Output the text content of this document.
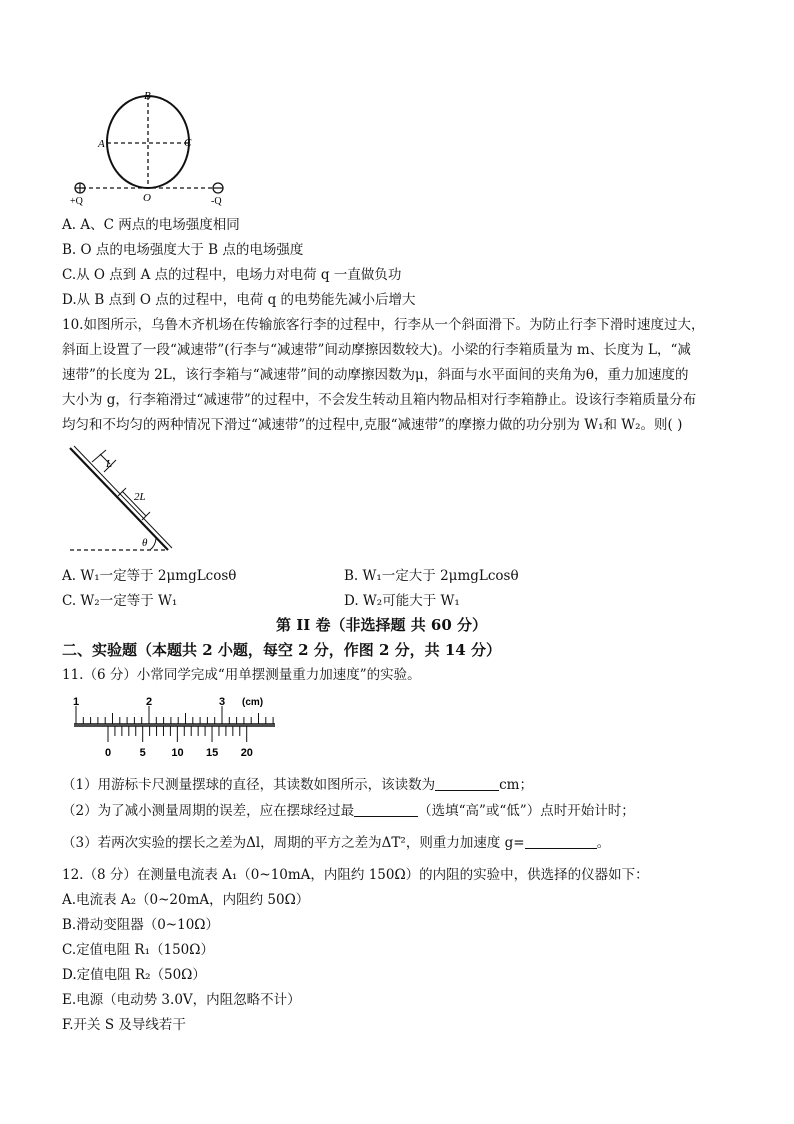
B
A	C
O
+Q	-Q
A. A、C 两点的电场强度相同
B. O 点的电场强度大于 B 点的电场强度
C.从 O 点到 A 点的过程中，电场力对电荷 q 一直做负功
D.从 B 点到 O 点的过程中，电荷 q 的电势能先减小后增大
10.如图所示，乌鲁木齐机场在传输旅客行李的过程中，行李从一个斜面滑下。为防止行李下滑时速度过大，
斜面上设置了一段“减速带”(行李与“减速带”间动摩擦因数较大)。小梁的行李箱质量为 m、长度为 L，“减
速带”的长度为 2L，该行李箱与“减速带”间的动摩擦因数为μ，斜面与水平面间的夹角为θ，重力加速度的
大小为 g，行李箱滑过“减速带”的过程中，不会发生转动且箱内物品相对行李箱静止。设该行李箱质量分布
均匀和不均匀的两种情况下滑过“减速带”的过程中,克服“减速带”的摩擦力做的功分别为 W₁和 W₂。则( )
L
2L
θ
A. W₁一定等于 2μmgLcosθ	B. W₁一定大于 2μmgLcosθ
C. W₂一定等于 W₁	D. W₂可能大于 W₁
第 II 卷（非选择题 共 60 分）
二、实验题（本题共 2 小题，每空 2 分，作图 2 分，共 14 分）
11.（6 分）小常同学完成“用单摆测量重力加速度”的实验。
1	2	3 (cm)
0	5 10 15 20
（1）用游标卡尺测量摆球的直径，其读数如图所示，该读数为	cm；
（2）为了减小测量周期的误差，应在摆球经过最	（选填“高”或“低”）点时开始计时；
（3）若两次实验的摆长之差为Δl，周期的平方之差为ΔT²，则重力加速度 g=	。
12.（8 分）在测量电流表 A₁（0~10mA，内阻约 150Ω）的内阻的实验中，供选择的仪器如下：
A.电流表 A₂（0~20mA，内阻约 50Ω）
B.滑动变阻器（0~10Ω）
C.定值电阻 R₁（150Ω）
D.定值电阻 R₂（50Ω）
E.电源（电动势 3.0V，内阻忽略不计）
F.开关 S 及导线若干
